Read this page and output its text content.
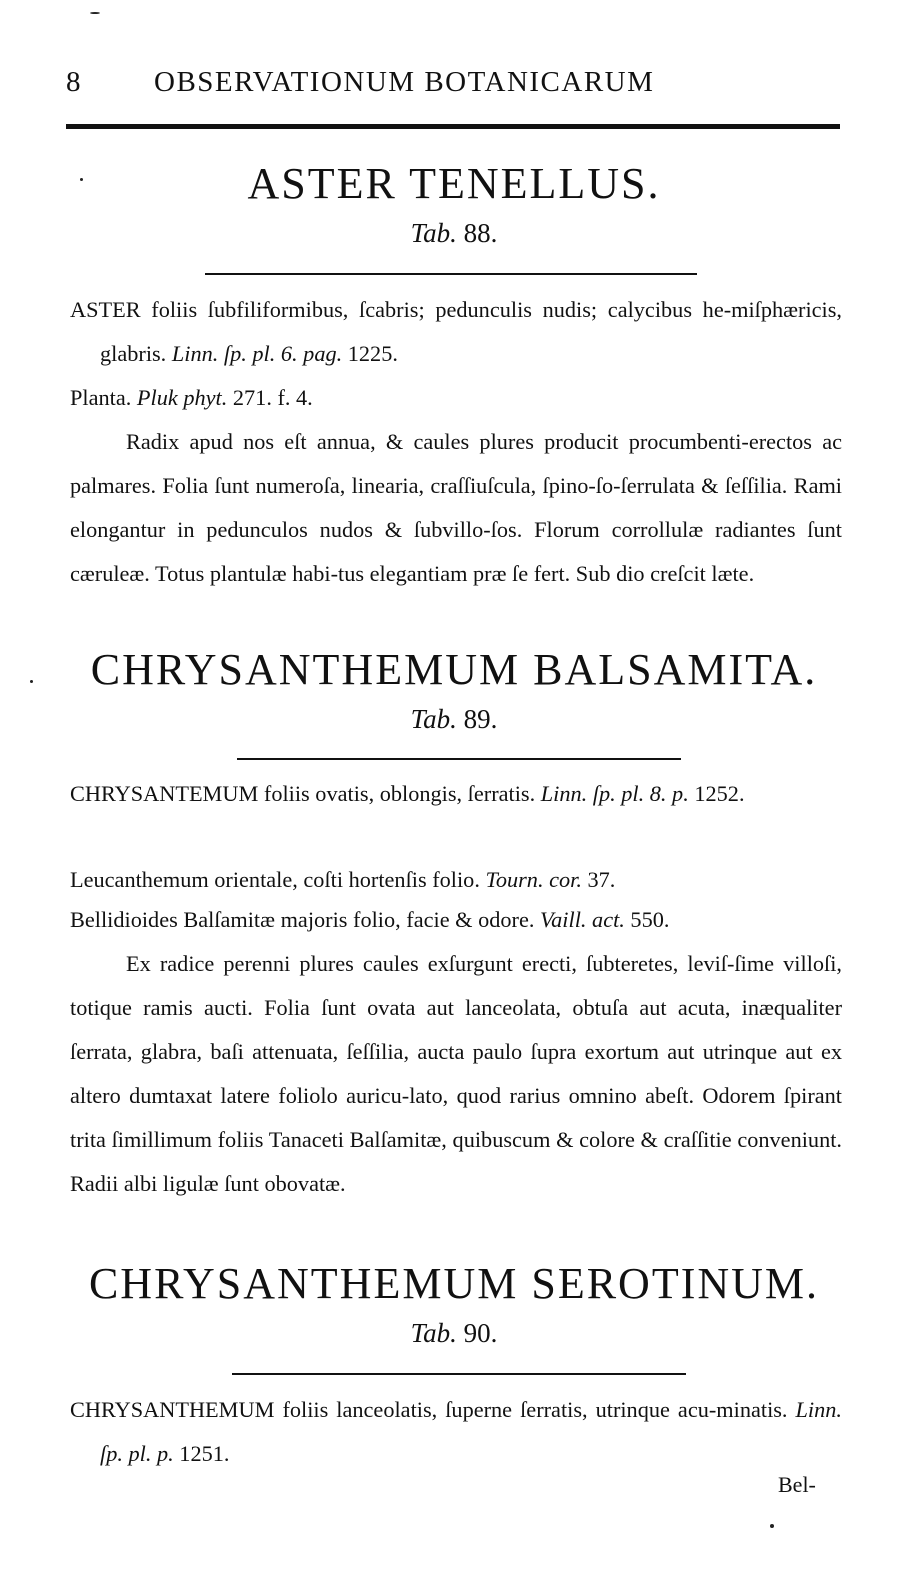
8 OBSERVATIONUM BOTANICARUM
ASTER TENELLUS.
Tab. 88.

ASTER foliis ſubfiliformibus, ſcabris; pedunculis nudis; calycibus he-miſphæricis, glabris. Linn. ſp. pl. 6. pag. 1225.

Planta. Pluk phyt. 271. f. 4.

Radix apud nos eſt annua, & caules plures producit procumbenti-erectos ac palmares. Folia ſunt numeroſa, linearia, craſſiuſcula, ſpino-ſo-ſerrulata & ſeſſilia. Rami elongantur in pedunculos nudos & ſubvillo-ſos. Florum corrollulæ radiantes ſunt cæruleæ. Totus plantulæ habi-tus elegantiam præ ſe fert. Sub dio creſcit læte.

CHRYSANTHEMUM BALSAMITA.
Tab. 89.

CHRYSANTEMUM foliis ovatis, oblongis, ſerratis. Linn. ſp. pl. 8. p. 1252.

Leucanthemum orientale, coſti hortenſis folio. Tourn. cor. 37.

Bellidioides Balſamitæ majoris folio, facie & odore. Vaill. act. 550.

Ex radice perenni plures caules exſurgunt erecti, ſubteretes, leviſ-ſime villoſi, totique ramis aucti. Folia ſunt ovata aut lanceolata, obtuſa aut acuta, inæqualiter ſerrata, glabra, baſi attenuata, ſeſſilia, aucta paulo ſupra exortum aut utrinque aut ex altero dumtaxat latere foliolo auricu-lato, quod rarius omnino abeſt. Odorem ſpirant trita ſimillimum foliis Tanaceti Balſamitæ, quibuscum & colore & craſſitie conveniunt. Radii albi ligulæ ſunt obovatæ.

CHRYSANTHEMUM SEROTINUM.
Tab. 90.

CHRYSANTHEMUM foliis lanceolatis, ſuperne ſerratis, utrinque acu-minatis. Linn. ſp. pl. p. 1251.

Bel-
